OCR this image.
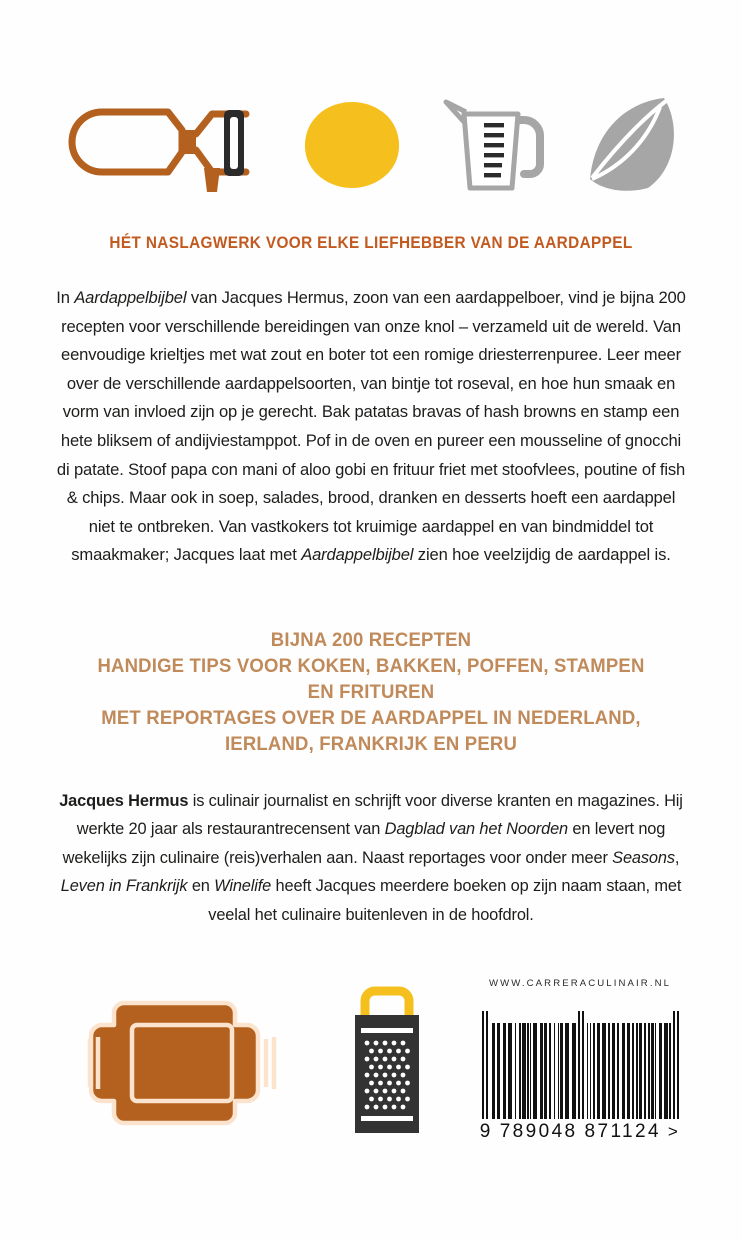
HÉT NASLAGWERK VOOR ELKE LIEFHEBBER VAN DE AARDAPPEL
In Aardappelbijbel van Jacques Hermus, zoon van een aardappelboer, vind je bijna 200 recepten voor verschillende bereidingen van onze knol – verzameld uit de wereld. Van eenvoudige krieltjes met wat zout en boter tot een romige driesterrenpuree. Leer meer over de verschillende aardappelsoorten, van bintje tot roseval, en hoe hun smaak en vorm van invloed zijn op je gerecht. Bak patatas bravas of hash browns en stamp een hete bliksem of andijviestamppot. Pof in de oven en pureer een mousseline of gnocchi di patate. Stoof papa con mani of aloo gobi en frituur friet met stoofvlees, poutine of fish & chips. Maar ook in soep, salades, brood, dranken en desserts hoeft een aardappel niet te ontbreken. Van vastkokers tot kruimige aardappel en van bindmiddel tot smaakmaker; Jacques laat met Aardappelbijbel zien hoe veelzijdig de aardappel is.
BIJNA 200 RECEPTEN
HANDIGE TIPS VOOR KOKEN, BAKKEN, POFFEN, STAMPEN
EN FRITUREN
MET REPORTAGES OVER DE AARDAPPEL IN NEDERLAND,
IERLAND, FRANKRIJK EN PERU
Jacques Hermus is culinair journalist en schrijft voor diverse kranten en magazines. Hij werkte 20 jaar als restaurantrecensent van Dagblad van het Noorden en levert nog wekelijks zijn culinaire (reis)verhalen aan. Naast reportages voor onder meer Seasons, Leven in Frankrijk en Winelife heeft Jacques meerdere boeken op zijn naam staan, met veelal het culinaire buitenleven in de hoofdrol.
WWW.CARRERACULINAIR.NL
9 789048 871124 >
